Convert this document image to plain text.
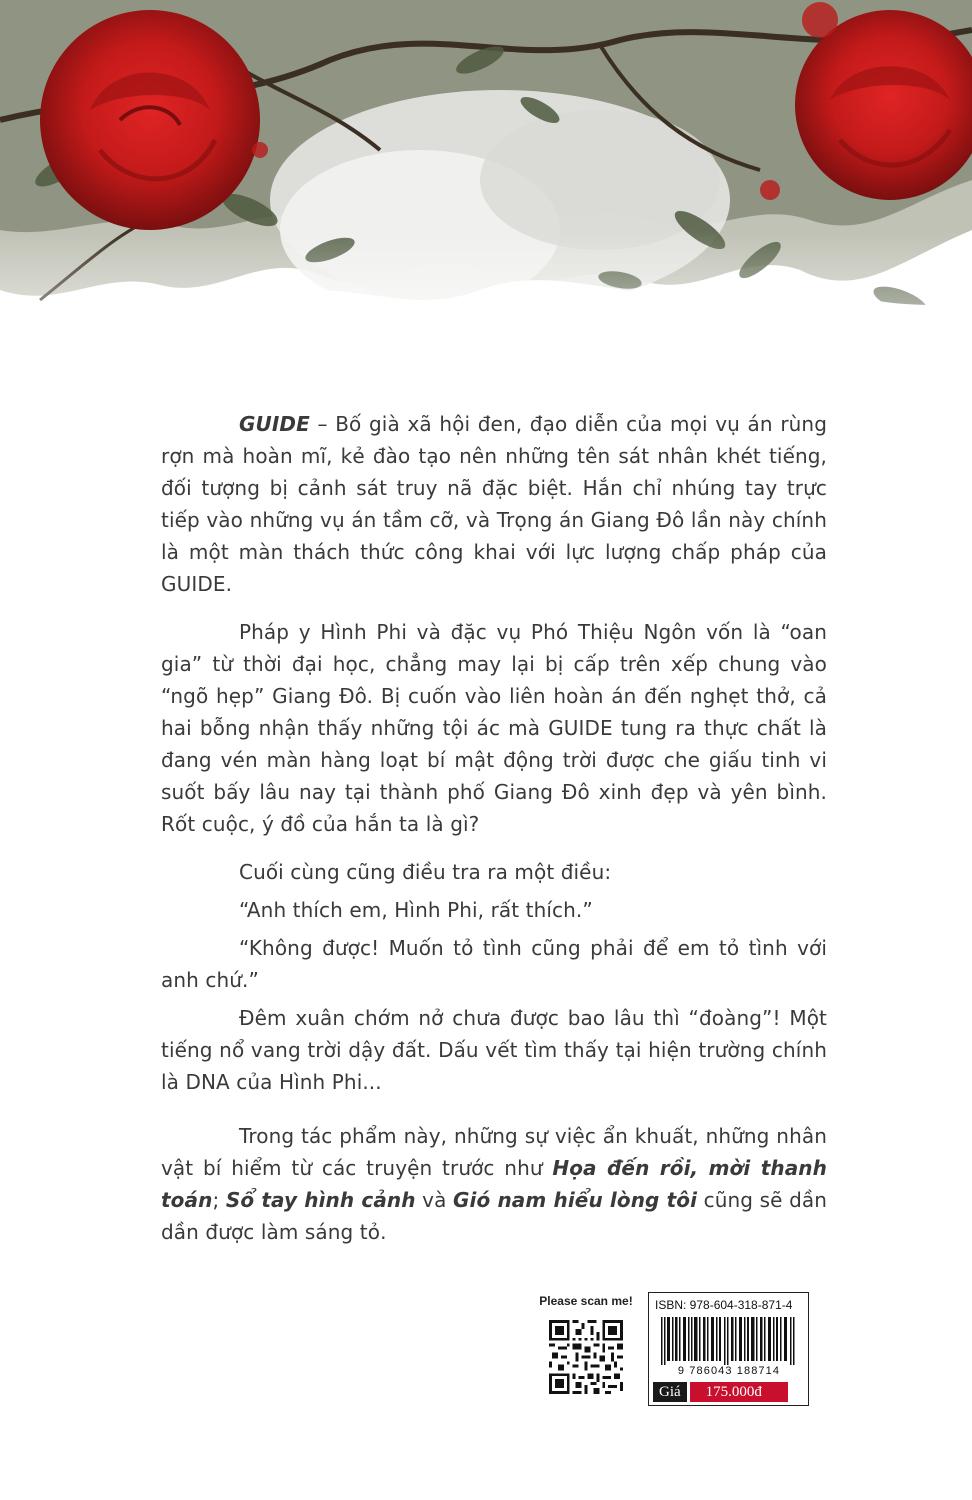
GUIDE – Bố già xã hội đen, đạo diễn của mọi vụ án rùng rợn mà hoàn mĩ, kẻ đào tạo nên những tên sát nhân khét tiếng, đối tượng bị cảnh sát truy nã đặc biệt. Hắn chỉ nhúng tay trực tiếp vào những vụ án tầm cỡ, và Trọng án Giang Đô lần này chính là một màn thách thức công khai với lực lượng chấp pháp của GUIDE.

Pháp y Hình Phi và đặc vụ Phó Thiệu Ngôn vốn là “oan gia” từ thời đại học, chẳng may lại bị cấp trên xếp chung vào “ngõ hẹp” Giang Đô. Bị cuốn vào liên hoàn án đến nghẹt thở, cả hai bỗng nhận thấy những tội ác mà GUIDE tung ra thực chất là đang vén màn hàng loạt bí mật động trời được che giấu tinh vi suốt bấy lâu nay tại thành phố Giang Đô xinh đẹp và yên bình. Rốt cuộc, ý đồ của hắn ta là gì?

Cuối cùng cũng điều tra ra một điều:

“Anh thích em, Hình Phi, rất thích.”

“Không được! Muốn tỏ tình cũng phải để em tỏ tình với anh chứ.”

Đêm xuân chớm nở chưa được bao lâu thì “đoàng”! Một tiếng nổ vang trời dậy đất. Dấu vết tìm thấy tại hiện trường chính là DNA của Hình Phi...

Trong tác phẩm này, những sự việc ẩn khuất, những nhân vật bí hiểm từ các truyện trước như Họa đến rồi, mời thanh toán; Sổ tay hình cảnh và Gió nam hiểu lòng tôi cũng sẽ dần dần được làm sáng tỏ.

Please scan me! ISBN: 978-604-318-871-4
9 786043 188714
Giá	175.000đ
